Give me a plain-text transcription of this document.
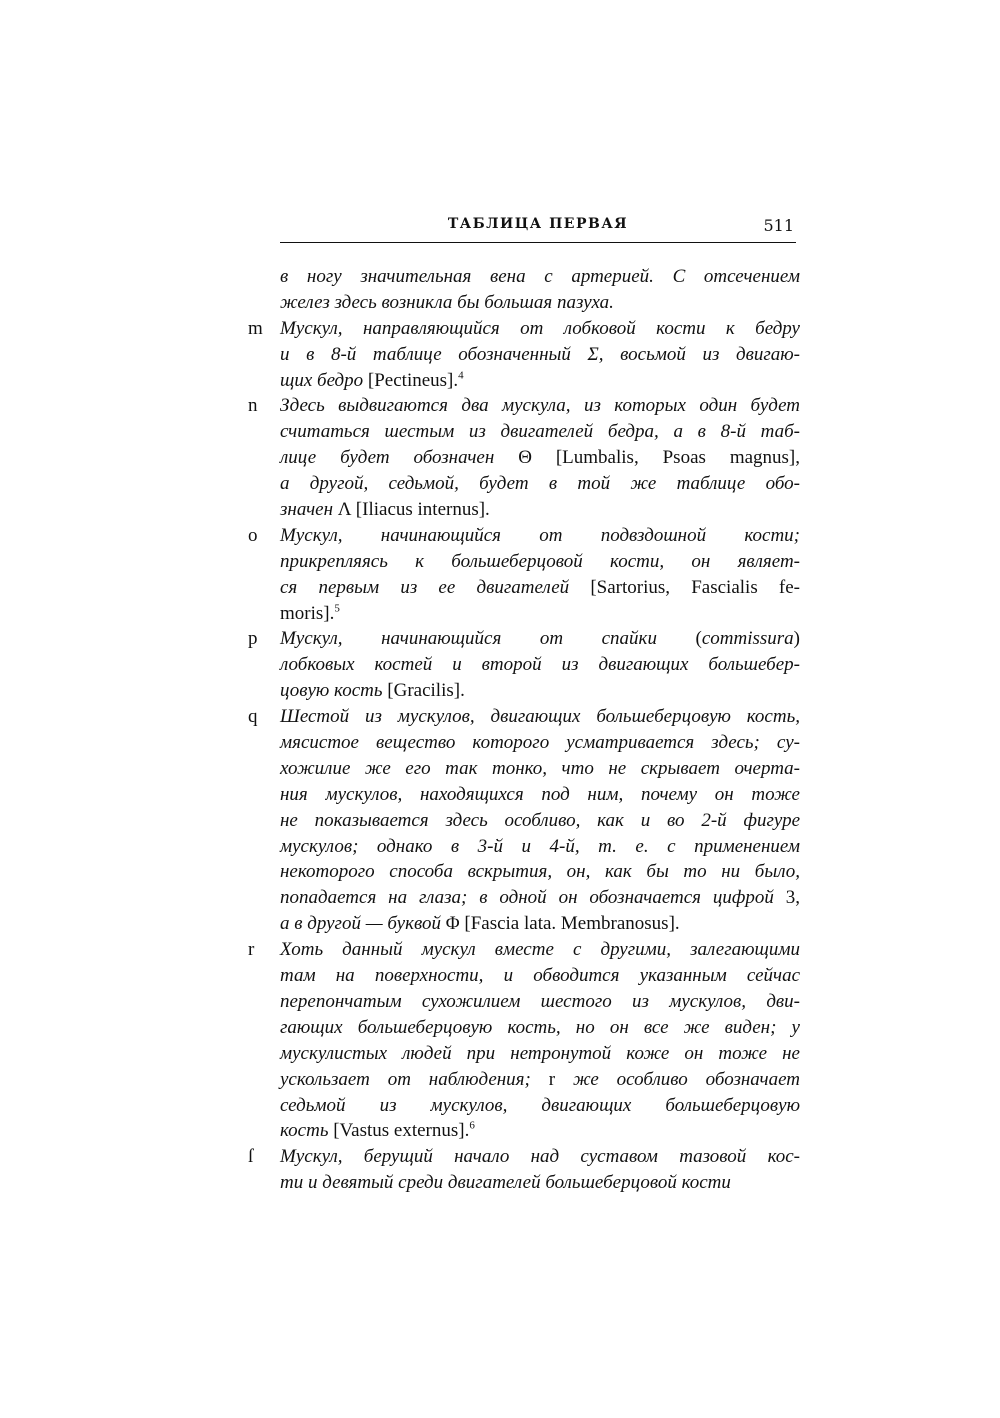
ТАБЛИЦА ПЕРВАЯ	511
в ногу значительная вена с артерией. С отсечением
желез здесь возникла бы большая пазуха.
m Мускул, направляющийся от лобковой кости к бедру
и в 8-й таблице обозначенный Σ, восьмой из двигаю-
щих бедро [Pectineus].$^4$
n	Здесь выдвигаются два мускула, из которых один будет
считаться шестым из двигателей бедра, а в 8-й таб-
лице будет обозначен Θ [Lumbalis, Psoas magnus],
а другой, седьмой, будет в той же таблице обо-
значен Λ [Iliacus internus].
o	Мускул, начинающийся от подвздошной кости;
прикрепляясь к большеберцовой кости, он являет-
ся первым из ее двигателей [Sartorius, Fascialis fe-
moris].$^5$
p	Мускул, начинающийся от спайки (commissura)
лобковых костей и второй из двигающих большебер-
цовую кость [Gracilis].
q	Шестой из мускулов, двигающих большеберцовую кость,
мясистое вещество которого усматривается здесь; су-
хожилие же его так тонко, что не скрывает очерта-
ния мускулов, находящихся под ним, почему он тоже
не показывается здесь особливо, как и во 2-й фигуре
мускулов; однако в 3-й и 4-й, т. е. с применением
некоторого способа вскрытия, он, как бы то ни было,
попадается на глаза; в одной он обозначается цифрой 3,
а в другой — буквой Φ [Fascia lata. Membranosus].
r	Хоть данный мускул вместе с другими, залегающими
там на поверхности, и обводится указанным сейчас
перепончатым сухожилием шестого из мускулов, дви-
гающих большеберцовую кость, но он все же виден; у
мускулистых людей при нетронутой коже он тоже не
ускользает от наблюдения; r же особливо обозначает
седьмой из мускулов, двигающих большеберцовую
кость [Vastus externus].$^6$
ſ	Мускул, берущий начало над суставом тазовой кос-
ти и девятый среди двигателей большеберцовой кости
